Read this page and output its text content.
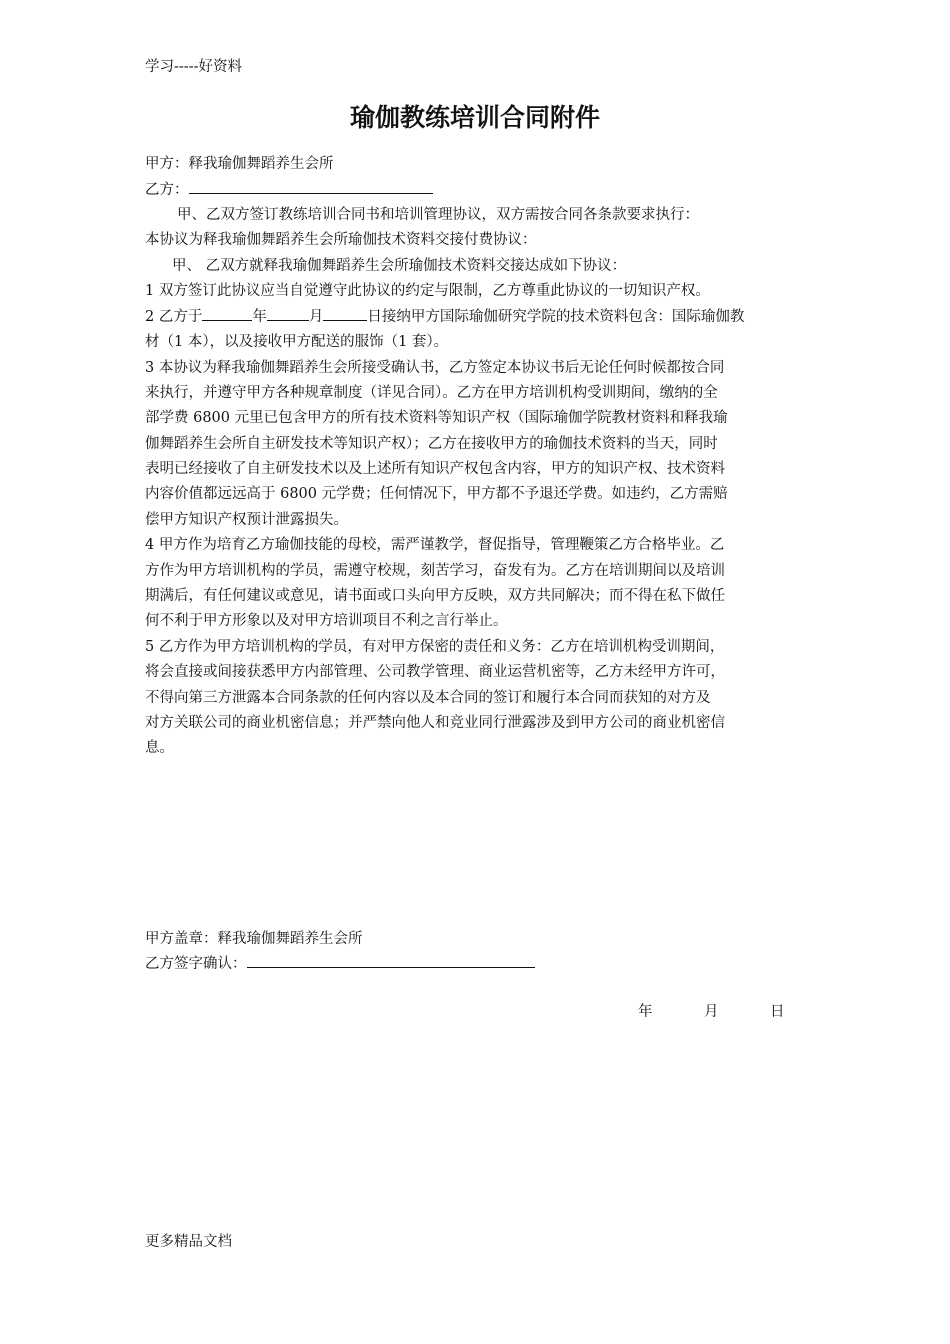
学习-----好资料
瑜伽教练培训合同附件
甲方：释我瑜伽舞蹈养生会所
乙方：
甲、乙双方签订教练培训合同书和培训管理协议，双方需按合同各条款要求执行：
本协议为释我瑜伽舞蹈养生会所瑜伽技术资料交接付费协议：
甲、 乙双方就释我瑜伽舞蹈养生会所瑜伽技术资料交接达成如下协议：
1 双方签订此协议应当自觉遵守此协议的约定与限制，乙方尊重此协议的一切知识产权。
2 乙方于	年	月	日接纳甲方国际瑜伽研究学院的技术资料包含：国际瑜伽教
材（1 本），以及接收甲方配送的服饰（1 套）。
3 本协议为释我瑜伽舞蹈养生会所接受确认书，乙方签定本协议书后无论任何时候都按合同
来执行，并遵守甲方各种规章制度（详见合同）。乙方在甲方培训机构受训期间，缴纳的全
部学费 6800 元里已包含甲方的所有技术资料等知识产权（国际瑜伽学院教材资料和释我瑜
伽舞蹈养生会所自主研发技术等知识产权）；乙方在接收甲方的瑜伽技术资料的当天，同时
表明已经接收了自主研发技术以及上述所有知识产权包含内容，甲方的知识产权、技术资料
内容价值都远远高于 6800 元学费；任何情况下，甲方都不予退还学费。如违约，乙方需赔
偿甲方知识产权预计泄露损失。
4 甲方作为培育乙方瑜伽技能的母校，需严谨教学，督促指导，管理鞭策乙方合格毕业。乙
方作为甲方培训机构的学员，需遵守校规，刻苦学习，奋发有为。乙方在培训期间以及培训
期满后，有任何建议或意见，请书面或口头向甲方反映，双方共同解决；而不得在私下做任
何不利于甲方形象以及对甲方培训项目不利之言行举止。
5 乙方作为甲方培训机构的学员，有对甲方保密的责任和义务：乙方在培训机构受训期间，
将会直接或间接获悉甲方内部管理、公司教学管理、商业运营机密等，乙方未经甲方许可，
不得向第三方泄露本合同条款的任何内容以及本合同的签订和履行本合同而获知的对方及
对方关联公司的商业机密信息；并严禁向他人和竞业同行泄露涉及到甲方公司的商业机密信
息。
甲方盖章：释我瑜伽舞蹈养生会所
乙方签字确认：
年	月	日
更多精品文档
